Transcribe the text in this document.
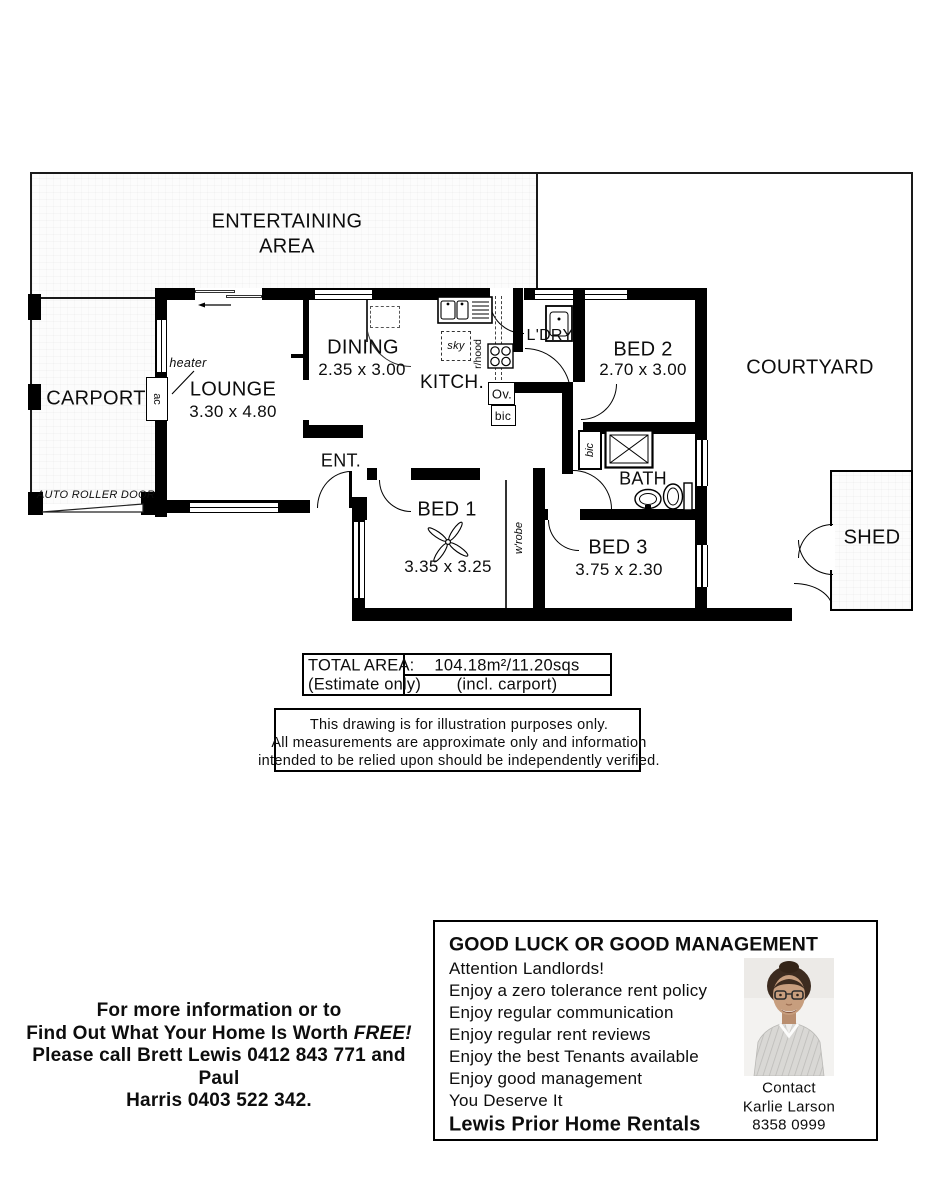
ENTERTAINING
AREA
CARPORT
AUTO ROLLER DOOR
heater
ac LOUNGE
3.30 x 4.80
DINING
2.35 x 3.00
KITCH.
sky r/hood
Ov.
bic
L'DRY
BED 2
2.70 x 3.00	COURTYARD
ENT.
bic
BATH
BED 1
3.35 x 3.25
w'robe	BED 3
3.75 x 2.30
SHED
TOTAL AREA:
(Estimate only)
104.18m²/11.20sqs
(incl. carport)
This drawing is for illustration purposes only.
All measurements are approximate only and information
intended to be relied upon should be independently verified.
For more information or to
Find Out What Your Home Is Worth FREE!
Please call Brett Lewis 0412 843 771 and Paul
Harris 0403 522 342.
GOOD LUCK OR GOOD MANAGEMENT
Attention Landlords!
Enjoy a zero tolerance rent policy
Enjoy regular communication
Enjoy regular rent reviews
Enjoy the best Tenants available
Enjoy good management
You Deserve It
Lewis Prior Home Rentals
Contact
Karlie Larson
8358 0999
